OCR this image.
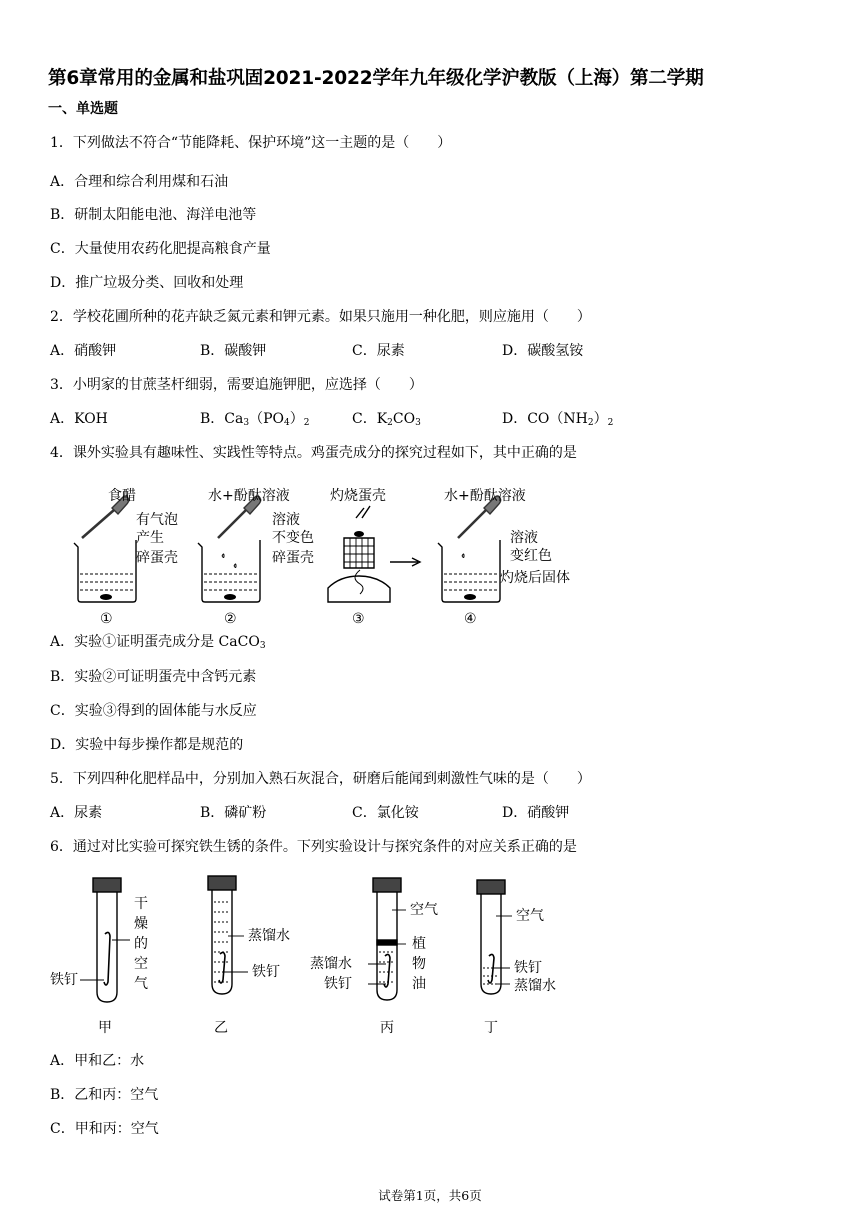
第6章常用的金属和盐巩固2021-2022学年九年级化学沪教版（上海）第二学期
一、单选题
1．下列做法不符合“节能降耗、保护环境”这一主题的是（　　）
A．合理和综合利用煤和石油
B．研制太阳能电池、海洋电池等
C．大量使用农药化肥提高粮食产量
D．推广垃圾分类、回收和处理
2．学校花圃所种的花卉缺乏氮元素和钾元素。如果只施用一种化肥，则应施用（　　）
A．硝酸钾	B．碳酸钾	C．尿素	D．碳酸氢铵
3．小明家的甘蔗茎杆细弱，需要追施钾肥，应选择（　　）
A．KOH	B．$Ca_3(PO_4)_2$	C．$K_2CO_3$	D．$CO(NH_2)_2$
4．课外实验具有趣味性、实践性等特点。鸡蛋壳成分的探究过程如下，其中正确的是
食醋
有气泡
产生
碎蛋壳
①
水+酚酞溶液
溶液
不变色
碎蛋壳
②
灼烧蛋壳
③
水+酚酞溶液
溶液
变红色
灼烧后固体
④
A．实验①证明蛋壳成分是 CaCO$_3$
B．实验②可证明蛋壳中含钙元素
C．实验③得到的固体能与水反应
D．实验中每步操作都是规范的
5．下列四种化肥样品中，分别加入熟石灰混合，研磨后能闻到刺激性气味的是（　　）
A．尿素	B．磷矿粉	C．氯化铵	D．硝酸钾
6．通过对比实验可探究铁生锈的条件。下列实验设计与探究条件的对应关系正确的是
干
燥
的
空
气
铁钉
甲
蒸馏水
铁钉
乙
空气
植
物
油
蒸馏水
铁钉
丙
空气
铁钉
蒸馏水
丁
A．甲和乙：水
B．乙和丙：空气
C．甲和丙：空气
试卷第1页，共6页
